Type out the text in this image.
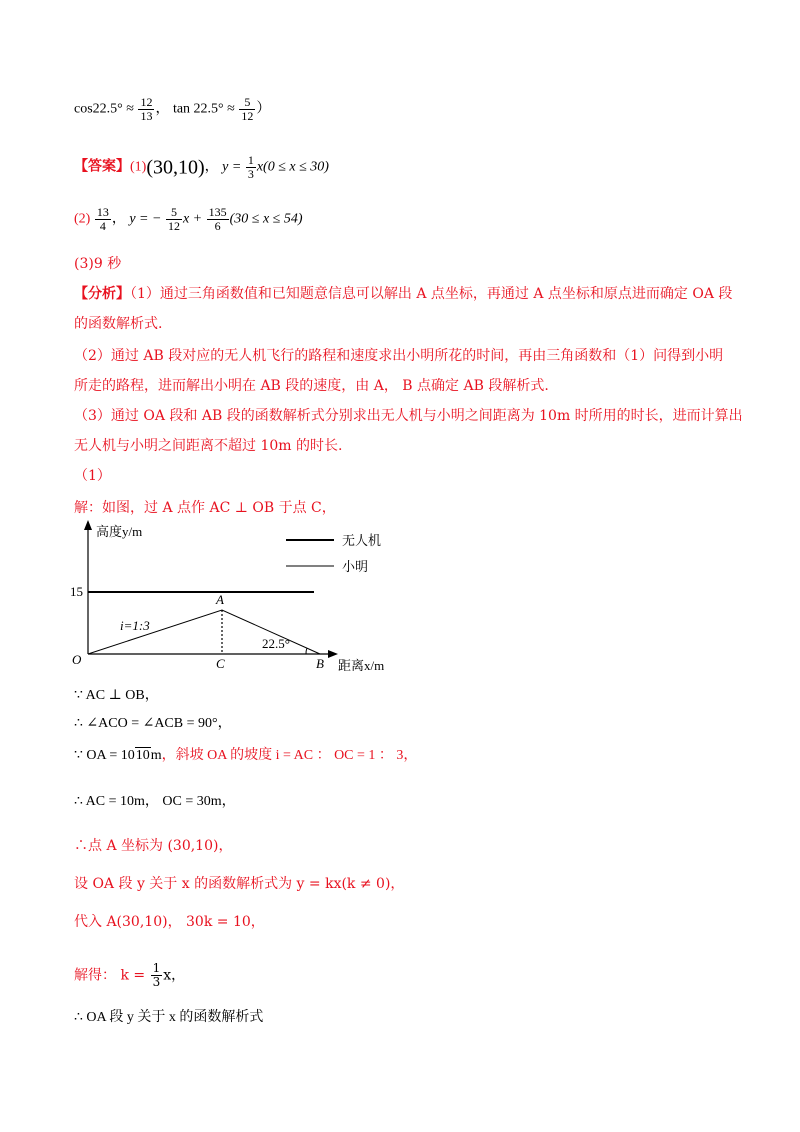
$\cos 22.5^\circ \approx \frac{12}{13}$ ， $\tan 22.5^\circ \approx \frac{5}{12}$ ）
【答案】(1)(30,10)， $y = \frac{1}{3} x(0 \le x \le 30)$
$(2) \frac{13}{4}$ ， y = − $\frac{5}{12}$ $x + \frac{135}{6} (30 \le x \le 54)$
(3)9 秒
【分析】（1）通过三角函数值和已知题意信息可以解出 A 点坐标，再通过 A 点坐标和原点进而确定 OA 段
的函数解析式.
（2）通过 AB 段对应的无人机飞行的路程和速度求出小明所花的时间，再由三角函数和（1）问得到小明
所走的路程，进而解出小明在 AB 段的速度，由 A， B 点确定 AB 段解析式.
（3）通过 OA 段和 AB 段的函数解析式分别求出无人机与小明之间距离为 10m 时所用的时长，进而计算出
无人机与小明之间距离不超过 10m 的时长.
（1）
解：如图，过 A 点作 AC ⊥ OB 于点 C，
高度y/m
距离x/m
无人机
小明
15
i=1:3
22.5°
O
A
B
C
∵ AC ⊥ OB，
∴ ∠ACO = ∠ACB = 90°，
∵ OA = 1010m，斜坡 OA 的坡度 i = AC ： OC = 1 ： 3，
∴ AC = 10m， OC = 30m，
∴点 A 坐标为 (30,10)，
设 OA 段 y 关于 x 的函数解析式为 y = kx(k ≠ 0)，
代入 A(30,10)， 30k = 10，
解得： $k = \frac{1}{3}$ x，
∴ OA 段 y 关于 x 的函数解析式
